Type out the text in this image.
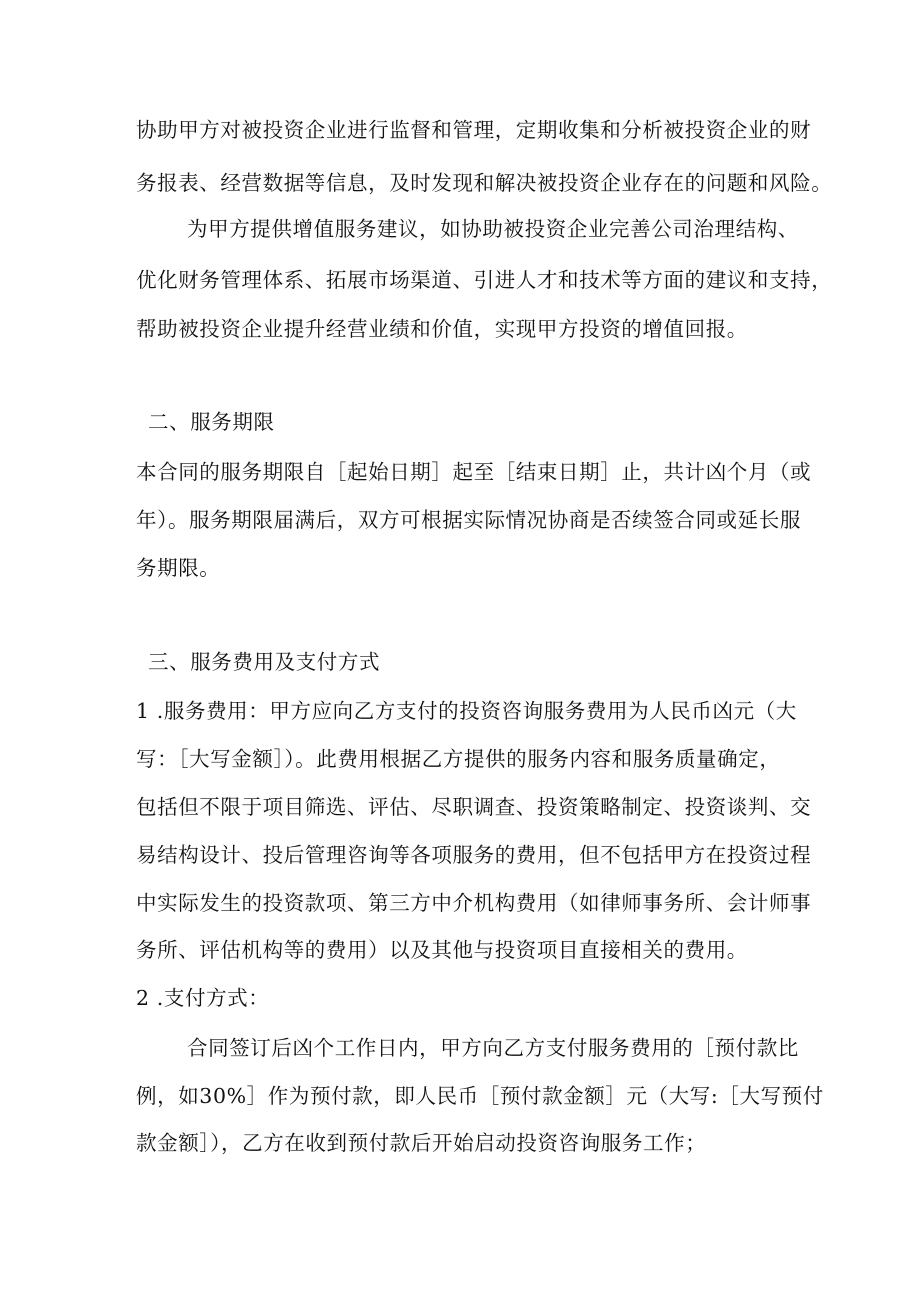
协助甲方对被投资企业进行监督和管理，定期收集和分析被投资企业的财
务报表、经营数据等信息，及时发现和解决被投资企业存在的问题和风险。
为甲方提供增值服务建议，如协助被投资企业完善公司治理结构、
优化财务管理体系、拓展市场渠道、引进人才和技术等方面的建议和支持，
帮助被投资企业提升经营业绩和价值，实现甲方投资的增值回报。
二、服务期限
本合同的服务期限自［起始日期］起至［结束日期］止，共计凶个月（或
年）。服务期限届满后，双方可根据实际情况协商是否续签合同或延长服
务期限。
三、服务费用及支付方式
1 .服务费用：甲方应向乙方支付的投资咨询服务费用为人民币凶元（大
写：［大写金额］）。此费用根据乙方提供的服务内容和服务质量确定，
包括但不限于项目筛选、评估、尽职调查、投资策略制定、投资谈判、交
易结构设计、投后管理咨询等各项服务的费用，但不包括甲方在投资过程
中实际发生的投资款项、第三方中介机构费用（如律师事务所、会计师事
务所、评估机构等的费用）以及其他与投资项目直接相关的费用。
2 .支付方式：
合同签订后凶个工作日内，甲方向乙方支付服务费用的［预付款比
例，如30%］作为预付款，即人民币［预付款金额］元（大写:［大写预付
款金额］），乙方在收到预付款后开始启动投资咨询服务工作；
